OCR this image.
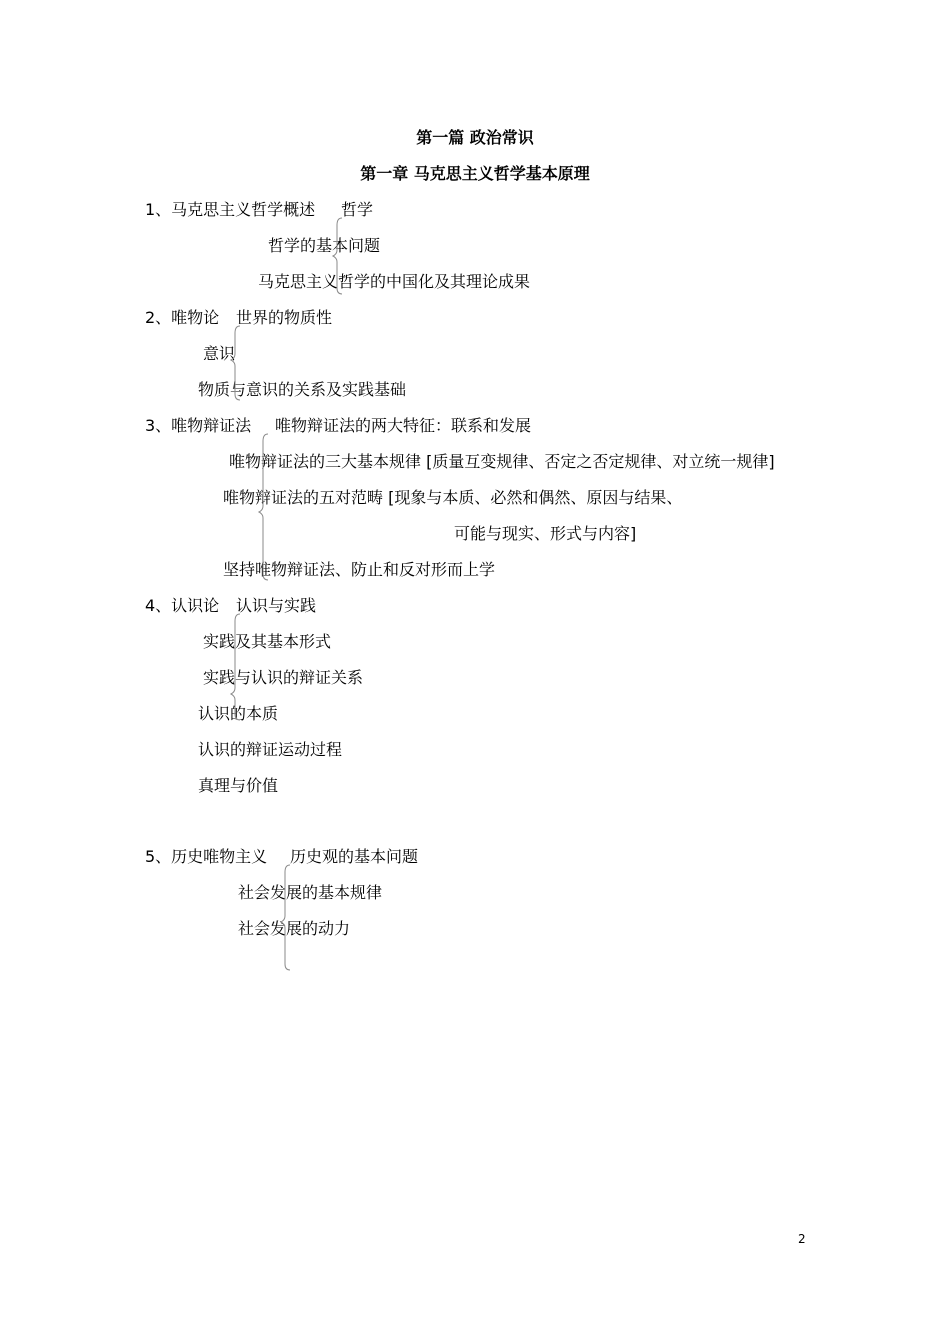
第一篇 政治常识
第一章 马克思主义哲学基本原理
1、马克思主义哲学概述 哲学
哲学的基本问题
马克思主义哲学的中国化及其理论成果
2、唯物论 世界的物质性
意识
物质与意识的关系及实践基础
3、唯物辩证法 唯物辩证法的两大特征：联系和发展
唯物辩证法的三大基本规律 [质量互变规律、否定之否定规律、对立统一规律]
唯物辩证法的五对范畴 [现象与本质、必然和偶然、原因与结果、
可能与现实、形式与内容]
坚持唯物辩证法、防止和反对形而上学
4、认识论 认识与实践
实践及其基本形式
实践与认识的辩证关系
认识的本质
认识的辩证运动过程
真理与价值
5、历史唯物主义 历史观的基本问题
社会发展的基本规律
社会发展的动力
2
